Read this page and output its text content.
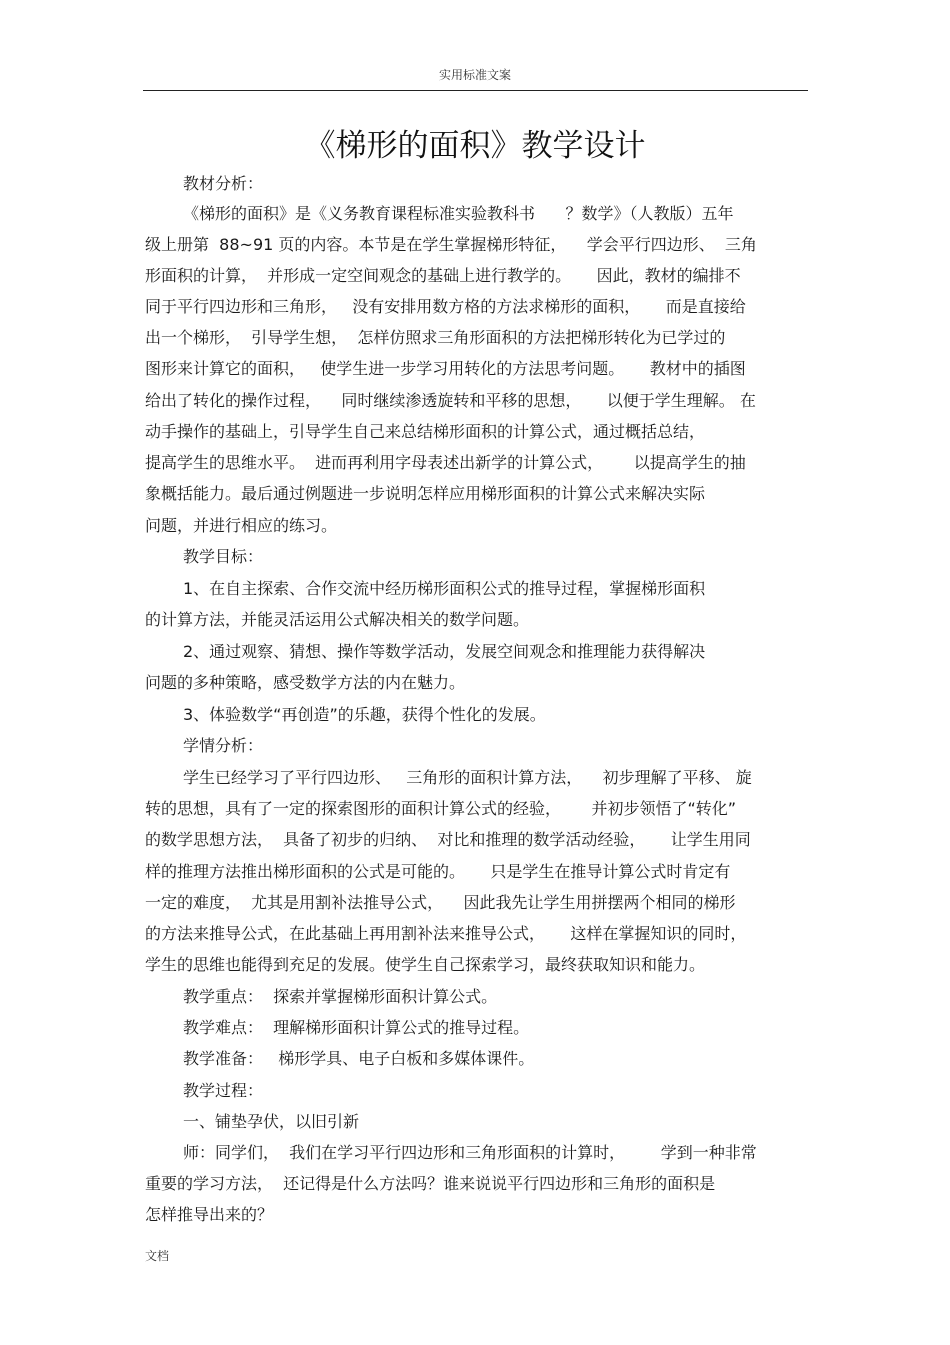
实用标准文案
《梯形的面积》教学设计

教材分析：

《梯形的面积》是《义务教育课程标准实验教科书      ？数学》（人教版）五年

级上册第  88~91 页的内容。本节是在学生掌握梯形特征，    学会平行四边形、  三角

形面积的计算，  并形成一定空间观念的基础上进行教学的。     因此，教材的编排不

同于平行四边形和三角形，   没有安排用数方格的方法求梯形的面积，     而是直接给

出一个梯形，  引导学生想，  怎样仿照求三角形面积的方法把梯形转化为已学过的

图形来计算它的面积，   使学生进一步学习用转化的方法思考问题。     教材中的插图

给出了转化的操作过程，    同时继续渗透旋转和平移的思想，     以便于学生理解。 在

动手操作的基础上，引导学生自己来总结梯形面积的计算公式，通过概括总结，

提高学生的思维水平。  进而再利用字母表述出新学的计算公式，      以提高学生的抽

象概括能力。最后通过例题进一步说明怎样应用梯形面积的计算公式来解决实际

问题，并进行相应的练习。

教学目标：

1、在自主探索、合作交流中经历梯形面积公式的推导过程，掌握梯形面积

的计算方法，并能灵活运用公式解决相关的数学问题。

2、通过观察、猜想、操作等数学活动，发展空间观念和推理能力获得解决

问题的多种策略，感受数学方法的内在魅力。

3、体验数学“再创造”的乐趣，获得个性化的发展。

学情分析：

学生已经学习了平行四边形、   三角形的面积计算方法，    初步理解了平移、 旋

转的思想，具有了一定的探索图形的面积计算公式的经验，      并初步领悟了“转化”

的数学思想方法，  具备了初步的归纳、  对比和推理的数学活动经验，     让学生用同

样的推理方法推出梯形面积的公式是可能的。     只是学生在推导计算公式时肯定有

一定的难度，  尤其是用割补法推导公式，    因此我先让学生用拼摆两个相同的梯形

的方法来推导公式，在此基础上再用割补法来推导公式，     这样在掌握知识的同时，

学生的思维也能得到充足的发展。使学生自己探索学习，最终获取知识和能力。

教学重点：  探索并掌握梯形面积计算公式。

教学难点：  理解梯形面积计算公式的推导过程。

教学准备：   梯形学具、电子白板和多媒体课件。

教学过程：

一、铺垫孕伏，以旧引新

师：同学们，  我们在学习平行四边形和三角形面积的计算时，       学到一种非常

重要的学习方法，  还记得是什么方法吗？谁来说说平行四边形和三角形的面积是

怎样推导出来的？

文档
